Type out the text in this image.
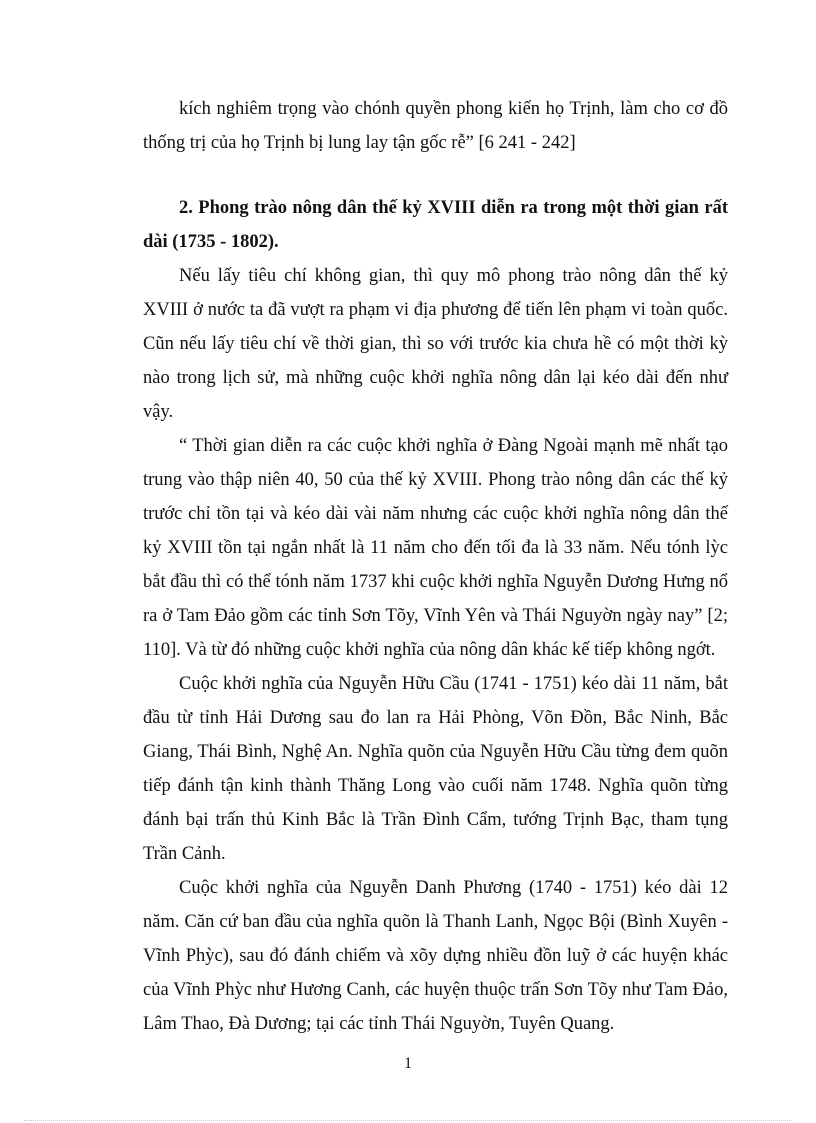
kích nghiêm trọng vào chónh quyền phong kiến họ Trịnh, làm cho cơ đồ thống trị của họ Trịnh bị lung lay tận gốc rễ” [6 241 - 242]

2. Phong trào nông dân thế kỷ XVIII diễn ra trong một thời gian rất dài (1735 - 1802).

Nếu lấy tiêu chí không gian, thì quy mô phong trào nông dân thế kỷ XVIII ở nước ta đã vượt ra phạm vi địa phương để tiến lên phạm vi toàn quốc. Cũn nếu lấy tiêu chí về thời gian, thì so với trước kia chưa hề có một thời kỳ nào trong lịch sử, mà những cuộc khởi nghĩa nông dân lại kéo dài đến như vậy.

“ Thời gian diễn ra các cuộc khởi nghĩa ở Đàng Ngoài mạnh mẽ nhất tạo trung vào thập niên 40, 50 của thế kỷ XVIII. Phong trào nông dân các thế kỷ trước chỉ tồn tại và kéo dài vài năm nhưng các cuộc khởi nghĩa nông dân thế kỷ XVIII tồn tại ngắn nhất là 11 năm cho đến tối đa là 33 năm. Nếu tónh lỳc bắt đầu thì có thể tónh năm 1737 khi cuộc khởi nghĩa Nguyễn Dương Hưng nổ ra ở Tam Đảo gồm các tỉnh Sơn Tõy, Vĩnh Yên và Thái Nguyờn ngày nay” [2; 110]. Và từ đó những cuộc khởi nghĩa của nông dân khác kế tiếp không ngớt.

Cuộc khởi nghĩa của Nguyễn Hữu Cầu (1741 - 1751) kéo dài 11 năm, bắt đầu từ tỉnh Hải Dương sau đo lan ra Hải Phòng, Võn Đồn, Bắc Ninh, Bắc Giang, Thái Bình, Nghệ An. Nghĩa quõn của Nguyễn Hữu Cầu từng đem quõn tiếp đánh tận kinh thành Thăng Long vào cuối năm 1748. Nghĩa quõn từng đánh bại trấn thủ Kinh Bắc là Trần Đình Cẩm, tướng Trịnh Bạc, tham tụng Trần Cảnh.

Cuộc khởi nghĩa của Nguyễn Danh Phương (1740 - 1751) kéo dài 12 năm. Căn cứ ban đầu của nghĩa quõn là Thanh Lanh, Ngọc Bội (Bình Xuyên - Vĩnh Phỳc), sau đó đánh chiếm và xõy dựng nhiều đồn luỹ ở các huyện khác của Vĩnh Phỳc như Hương Canh, các huyện thuộc trấn Sơn Tõy như Tam Đảo, Lâm Thao, Đà Dương; tại các tỉnh Thái Nguyờn, Tuyên Quang.

1
